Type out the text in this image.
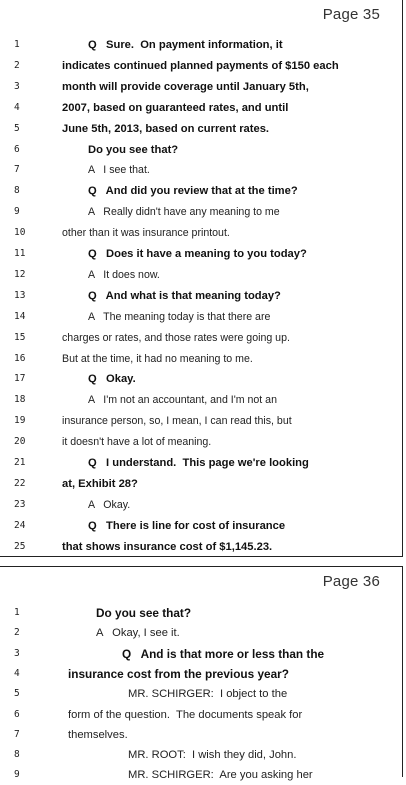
Page 35
1	Q   Sure.  On payment information, it
2	indicates continued planned payments of $150 each
3	month will provide coverage until January 5th,
4	2007, based on guaranteed rates, and until
5	June 5th, 2013, based on current rates.
6	Do you see that?
7	A   I see that.
8	Q   And did you review that at the time?
9	A   Really didn't have any meaning to me
10	other than it was insurance printout.
11	Q   Does it have a meaning to you today?
12	A   It does now.
13	Q   And what is that meaning today?
14	A   The meaning today is that there are
15	charges or rates, and those rates were going up.
16	But at the time, it had no meaning to me.
17	Q   Okay.
18	A   I'm not an accountant, and I'm not an
19	insurance person, so, I mean, I can read this, but
20	it doesn't have a lot of meaning.
21	Q   I understand.  This page we're looking
22	at, Exhibit 28?
23	A   Okay.
24	Q   There is line for cost of insurance
25	that shows insurance cost of $1,145.23.
Page 36
1	Do you see that?
2	A   Okay, I see it.
3	Q   And is that more or less than the
4	insurance cost from the previous year?
5	MR. SCHIRGER:  I object to the
6	form of the question.  The documents speak for
7	themselves.
8	MR. ROOT:  I wish they did, John.
9	MR. SCHIRGER:  Are you asking her
